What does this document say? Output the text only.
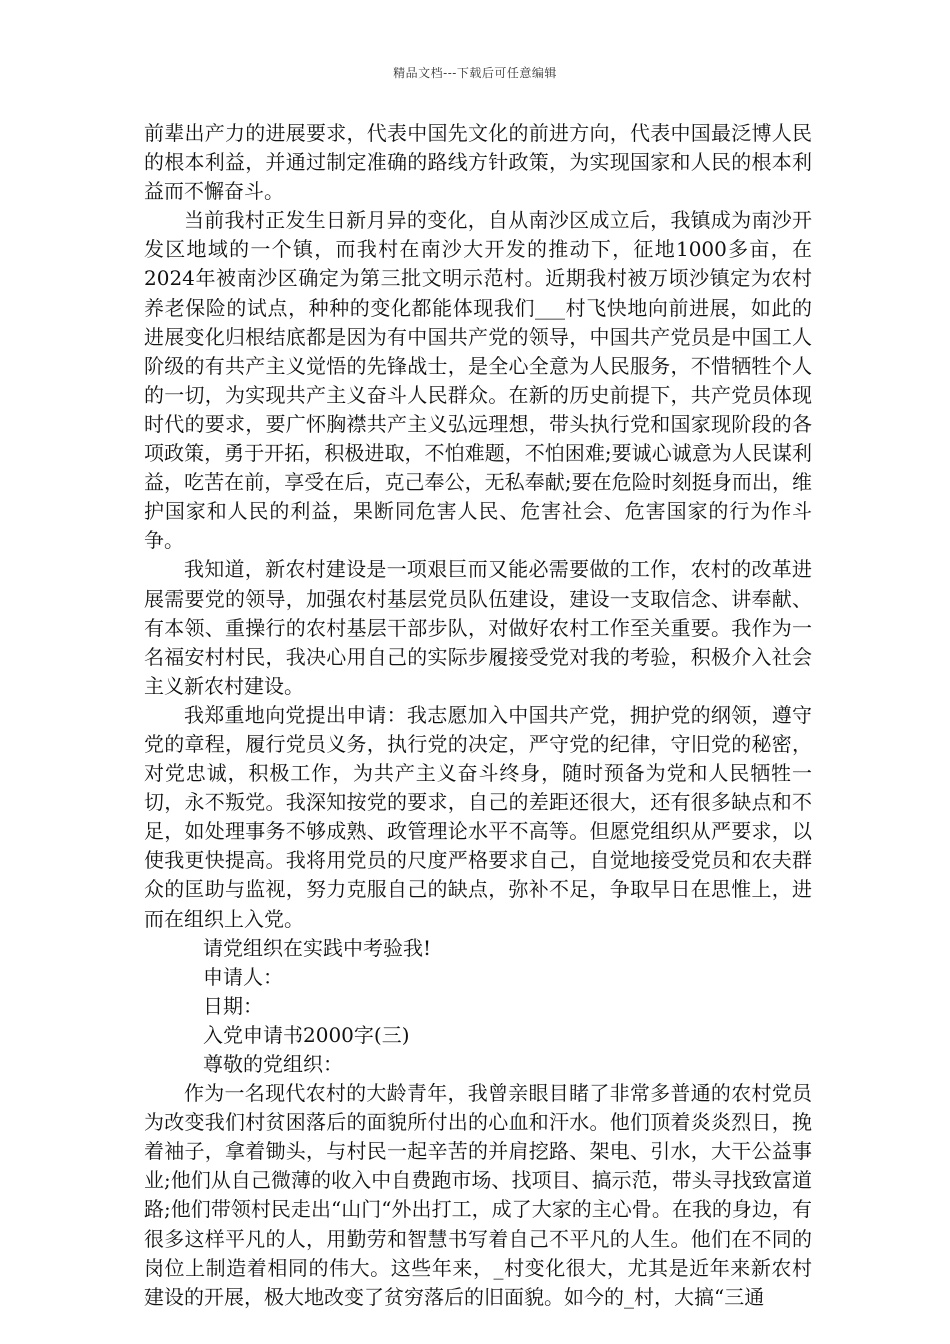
精品文档---下载后可任意编辑

前辈出产力的进展要求，代表中国先文化的前进方向，代表中国最泛博人民的根本利益，并通过制定准确的路线方针政策，为实现国家和人民的根本利益而不懈奋斗。

当前我村正发生日新月异的变化，自从南沙区成立后，我镇成为南沙开发区地域的一个镇，而我村在南沙大开发的推动下，征地1000多亩，在2024年被南沙区确定为第三批文明示范村。近期我村被万顷沙镇定为农村养老保险的试点，种种的变化都能体现我们___村飞快地向前进展，如此的进展变化归根结底都是因为有中国共产党的领导，中国共产党员是中国工人阶级的有共产主义觉悟的先锋战士，是全心全意为人民服务，不惜牺牲个人的一切，为实现共产主义奋斗人民群众。在新的历史前提下，共产党员体现时代的要求，要广怀胸襟共产主义弘远理想，带头执行党和国家现阶段的各项政策，勇于开拓，积极进取，不怕难题，不怕困难;要诚心诚意为人民谋利益，吃苦在前，享受在后，克己奉公，无私奉献;要在危险时刻挺身而出，维护国家和人民的利益，果断同危害人民、危害社会、危害国家的行为作斗争。

我知道，新农村建设是一项艰巨而又能必需要做的工作，农村的改革进展需要党的领导，加强农村基层党员队伍建设，建设一支取信念、讲奉献、有本领、重操行的农村基层干部步队，对做好农村工作至关重要。我作为一名福安村村民，我决心用自己的实际步履接受党对我的考验，积极介入社会主义新农村建设。

我郑重地向党提出申请：我志愿加入中国共产党，拥护党的纲领，遵守党的章程，履行党员义务，执行党的决定，严守党的纪律，守旧党的秘密，对党忠诚，积极工作，为共产主义奋斗终身，随时预备为党和人民牺牲一切，永不叛党。我深知按党的要求，自己的差距还很大，还有很多缺点和不足，如处理事务不够成熟、政管理论水平不高等。但愿党组织从严要求，以使我更快提高。我将用党员的尺度严格要求自己，自觉地接受党员和农夫群众的匡助与监视，努力克服自己的缺点，弥补不足，争取早日在思惟上，进而在组织上入党。

请党组织在实践中考验我!

申请人：

日期：

入党申请书2000字(三)

尊敬的党组织：

作为一名现代农村的大龄青年，我曾亲眼目睹了非常多普通的农村党员为改变我们村贫困落后的面貌所付出的心血和汗水。他们顶着炎炎烈日，挽着袖子，拿着锄头，与村民一起辛苦的并肩挖路、架电、引水，大干公益事业;他们从自己微薄的收入中自费跑市场、找项目、搞示范，带头寻找致富道路;他们带领村民走出“山门“外出打工，成了大家的主心骨。在我的身边，有很多这样平凡的人，用勤劳和智慧书写着自己不平凡的人生。他们在不同的岗位上制造着相同的伟大。这些年来，_村变化很大，尤其是近年来新农村建设的开展，极大地改变了贫穷落后的旧面貌。如今的_村，大搞“三通
